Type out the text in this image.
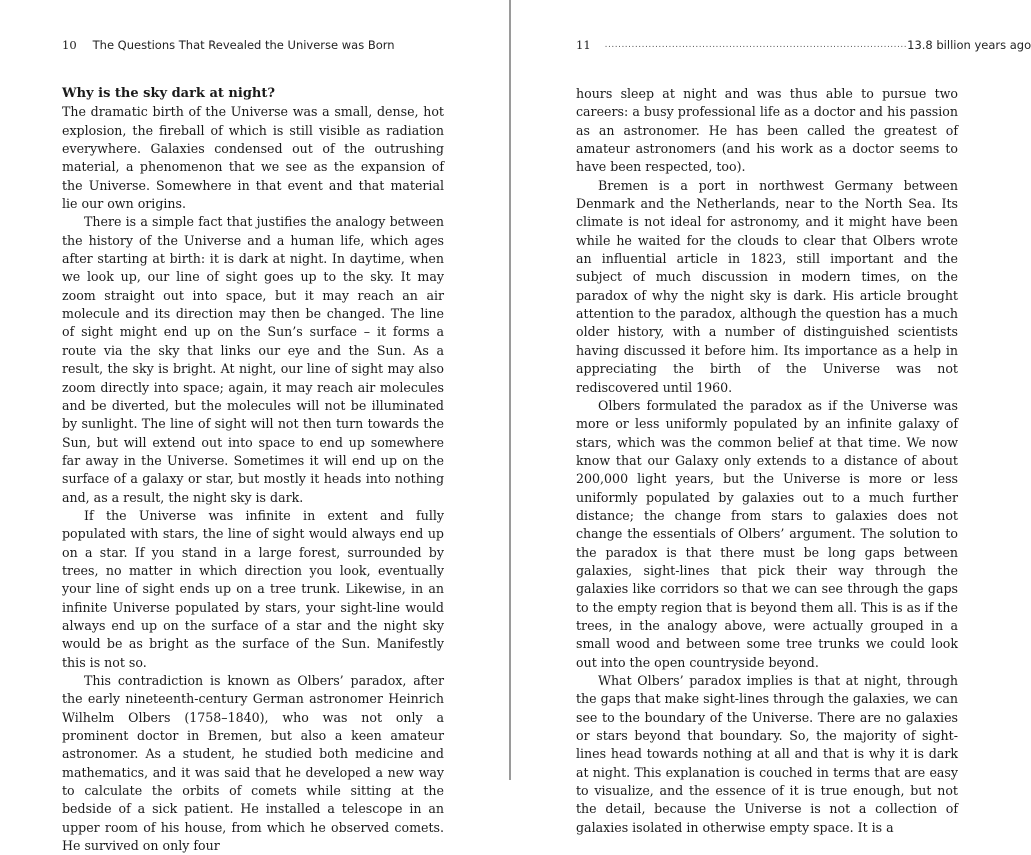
10 The Questions That Revealed the Universe was Born
Why is the sky dark at night?

The dramatic birth of the Universe was a small, dense, hot explosion, the fireball of which is still visible as radiation everywhere. Galaxies condensed out of the outrushing material, a phenomenon that we see as the expansion of the Universe. Somewhere in that event and that material lie our own origins.

There is a simple fact that justifies the analogy between the history of the Universe and a human life, which ages after starting at birth: it is dark at night. In daytime, when we look up, our line of sight goes up to the sky. It may zoom straight out into space, but it may reach an air molecule and its direction may then be changed. The line of sight might end up on the Sun’s surface – it forms a route via the sky that links our eye and the Sun. As a result, the sky is bright. At night, our line of sight may also zoom directly into space; again, it may reach air molecules and be diverted, but the molecules will not be illuminated by sunlight. The line of sight will not then turn towards the Sun, but will extend out into space to end up somewhere far away in the Universe. Sometimes it will end up on the surface of a galaxy or star, but mostly it heads into nothing and, as a result, the night sky is dark.

If the Universe was infinite in extent and fully populated with stars, the line of sight would always end up on a star. If you stand in a large forest, surrounded by trees, no matter in which direction you look, eventually your line of sight ends up on a tree trunk. Likewise, in an infinite Universe populated by stars, your sight-line would always end up on the surface of a star and the night sky would be as bright as the surface of the Sun. Manifestly this is not so.

This contradiction is known as Olbers’ paradox, after the early nineteenth-century German astronomer Heinrich Wilhelm Olbers (1758–1840), who was not only a prominent doctor in Bremen, but also a keen amateur astronomer. As a student, he studied both medicine and mathematics, and it was said that he developed a new way to calculate the orbits of comets while sitting at the bedside of a sick patient. He installed a telescope in an upper room of his house, from which he observed comets. He survived on only four

11 .......................................................................................... 13.8 billion years ago

hours sleep at night and was thus able to pursue two careers: a busy professional life as a doctor and his passion as an astronomer. He has been called the greatest of amateur astronomers (and his work as a doctor seems to have been respected, too).

Bremen is a port in northwest Germany between Denmark and the Netherlands, near to the North Sea. Its climate is not ideal for astronomy, and it might have been while he waited for the clouds to clear that Olbers wrote an influential article in 1823, still important and the subject of much discussion in modern times, on the paradox of why the night sky is dark. His article brought attention to the paradox, although the question has a much older history, with a number of distinguished scientists having discussed it before him. Its importance as a help in appreciating the birth of the Universe was not rediscovered until 1960.

Olbers formulated the paradox as if the Universe was more or less uniformly populated by an infinite galaxy of stars, which was the common belief at that time. We now know that our Galaxy only extends to a distance of about 200,000 light years, but the Universe is more or less uniformly populated by galaxies out to a much further distance; the change from stars to galaxies does not change the essentials of Olbers’ argument. The solution to the paradox is that there must be long gaps between galaxies, sight-lines that pick their way through the galaxies like corridors so that we can see through the gaps to the empty region that is beyond them all. This is as if the trees, in the analogy above, were actually grouped in a small wood and between some tree trunks we could look out into the open countryside beyond.

What Olbers’ paradox implies is that at night, through the gaps that make sight-lines through the galaxies, we can see to the boundary of the Universe. There are no galaxies or stars beyond that boundary. So, the majority of sight-lines head towards nothing at all and that is why it is dark at night. This explanation is couched in terms that are easy to visualize, and the essence of it is true enough, but not the detail, because the Universe is not a collection of galaxies isolated in otherwise empty space. It is a
